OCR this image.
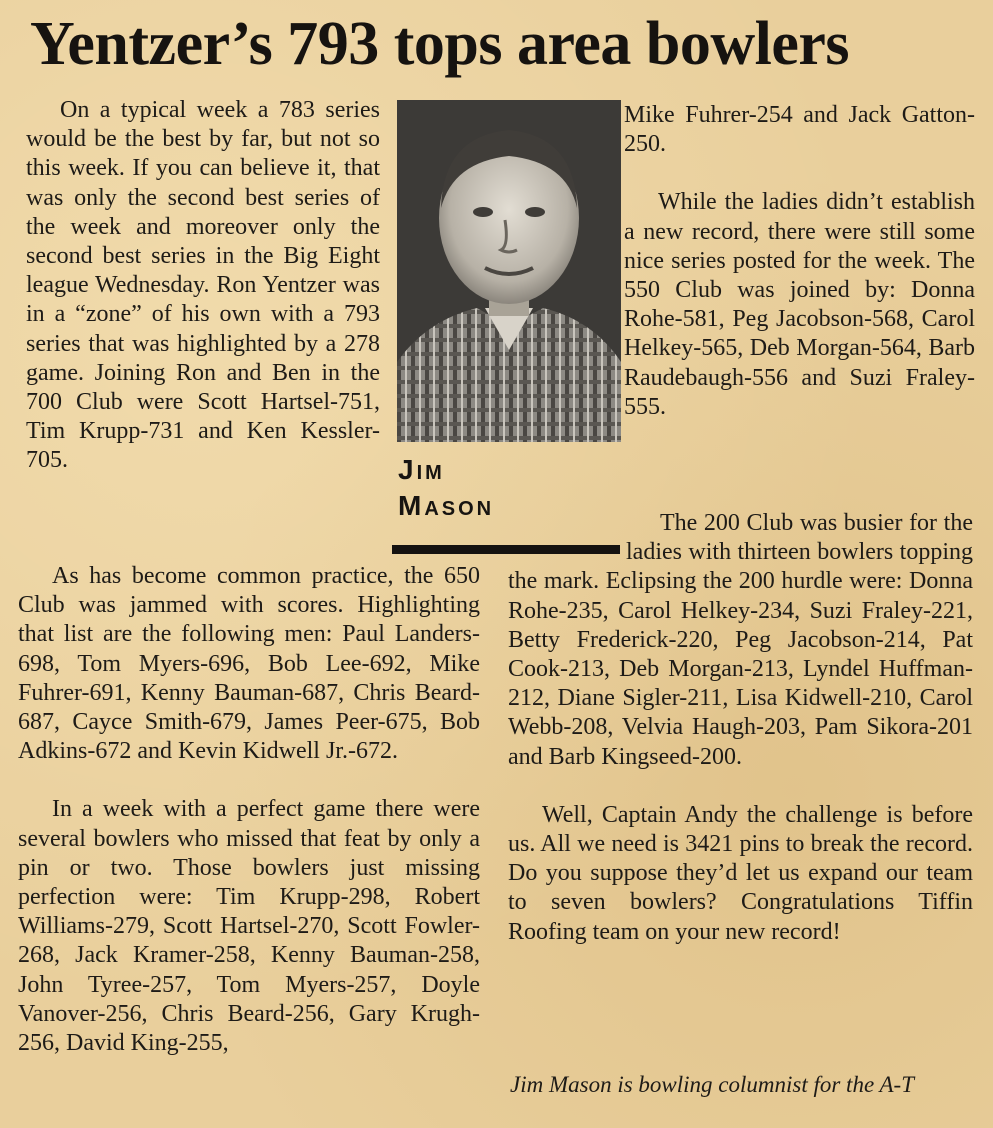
Yentzer’s 793 tops area bowlers

On a typical week a 783 series would be the best by far, but not so this week. If you can believe it, that was only the second best series of the week and moreover only the second best series in the Big Eight league Wednesday. Ron Yentzer was in a “zone” of his own with a 793 series that was highlighted by a 278 game. Joining Ron and Ben in the 700 Club were Scott Hartsel-751, Tim Krupp-731 and Ken Kessler-705.	Jim
Mason

Mike Fuhrer-254 and Jack Gatton-250.

While the ladies didn’t establish a new record, there were still some nice series posted for the week. The 550 Club was joined by: Donna Rohe-581, Peg Jacobson-568, Carol Helkey-565, Deb Morgan-564, Barb Raudebaugh-556 and Suzi Fraley-555.

As has become common practice, the 650 Club was jammed with scores. Highlighting that list are the following men: Paul Landers-698, Tom Myers-696, Bob Lee-692, Mike Fuhrer-691, Kenny Bauman-687, Chris Beard-687, Cayce Smith-679, James Peer-675, Bob Adkins-672 and Kevin Kidwell Jr.-672.

In a week with a perfect game there were several bowlers who missed that feat by only a pin or two. Those bowlers just missing perfection were: Tim Krupp-298, Robert Williams-279, Scott Hartsel-270, Scott Fowler-268, Jack Kramer-258, Kenny Bauman-258, John Tyree-257, Tom Myers-257, Doyle Vanover-256, Chris Beard-256, Gary Krugh-256, David King-255,

The 200 Club was busier for the ladies with thirteen bowlers topping the mark. Eclipsing the 200 hurdle were: Donna Rohe-235, Carol Helkey-234, Suzi Fraley-221, Betty Frederick-220, Peg Jacobson-214, Pat Cook-213, Deb Morgan-213, Lyndel Huffman-212, Diane Sigler-211, Lisa Kidwell-210, Carol Webb-208, Velvia Haugh-203, Pam Sikora-201 and Barb Kingseed-200.

Well, Captain Andy the challenge is before us. All we need is 3421 pins to break the record. Do you suppose they’d let us expand our team to seven bowlers? Congratulations Tiffin Roofing team on your new record!

Jim Mason is bowling columnist for the A-T
